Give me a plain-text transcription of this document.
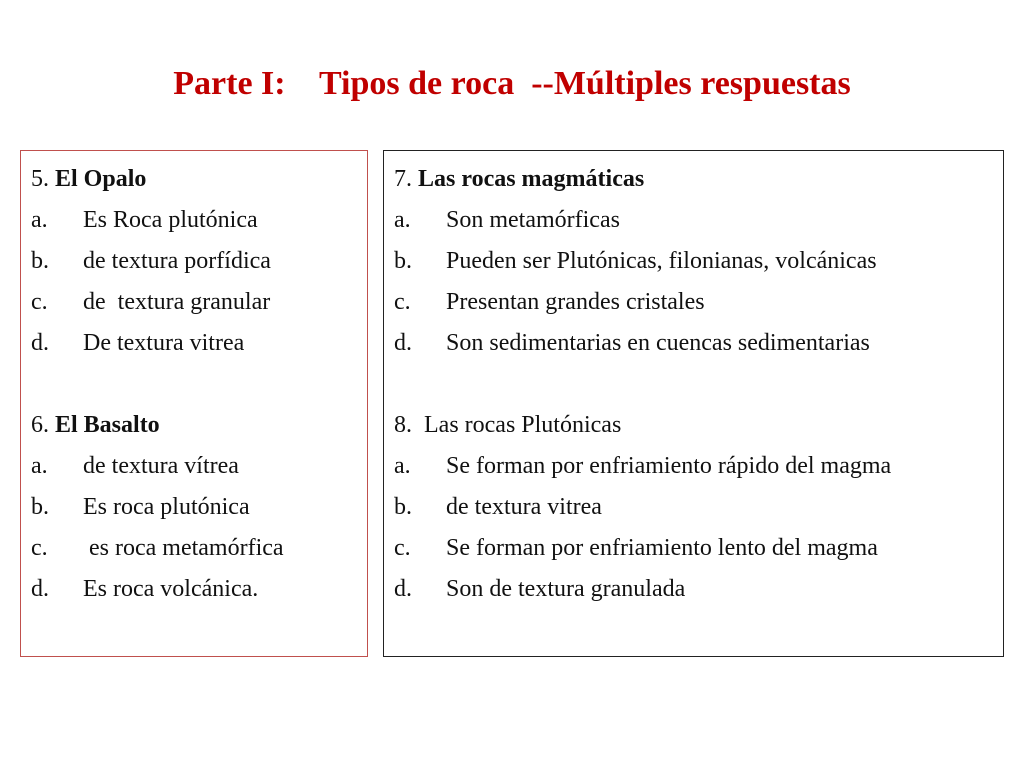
Parte I:    Tipos de roca  --Múltiples respuestas
5. El Opalo
a.	Es Roca plutónica
b.	de textura porfídica
c.	de  textura granular
d.	De textura vitrea
6. El Basalto
a.	de textura vítrea
b.	Es roca plutónica
c.	es roca metamórfica
d.	Es roca volcánica.
7. Las rocas magmáticas
a.	Son metamórficas
b.	Pueden ser Plutónicas, filonianas, volcánicas
c.	Presentan grandes cristales
d.	Son sedimentarias en cuencas sedimentarias
8.  Las rocas Plutónicas
a.	Se forman por enfriamiento rápido del magma
b.	de textura vitrea
c.	Se forman por enfriamiento lento del magma
d.	Son de textura granulada
